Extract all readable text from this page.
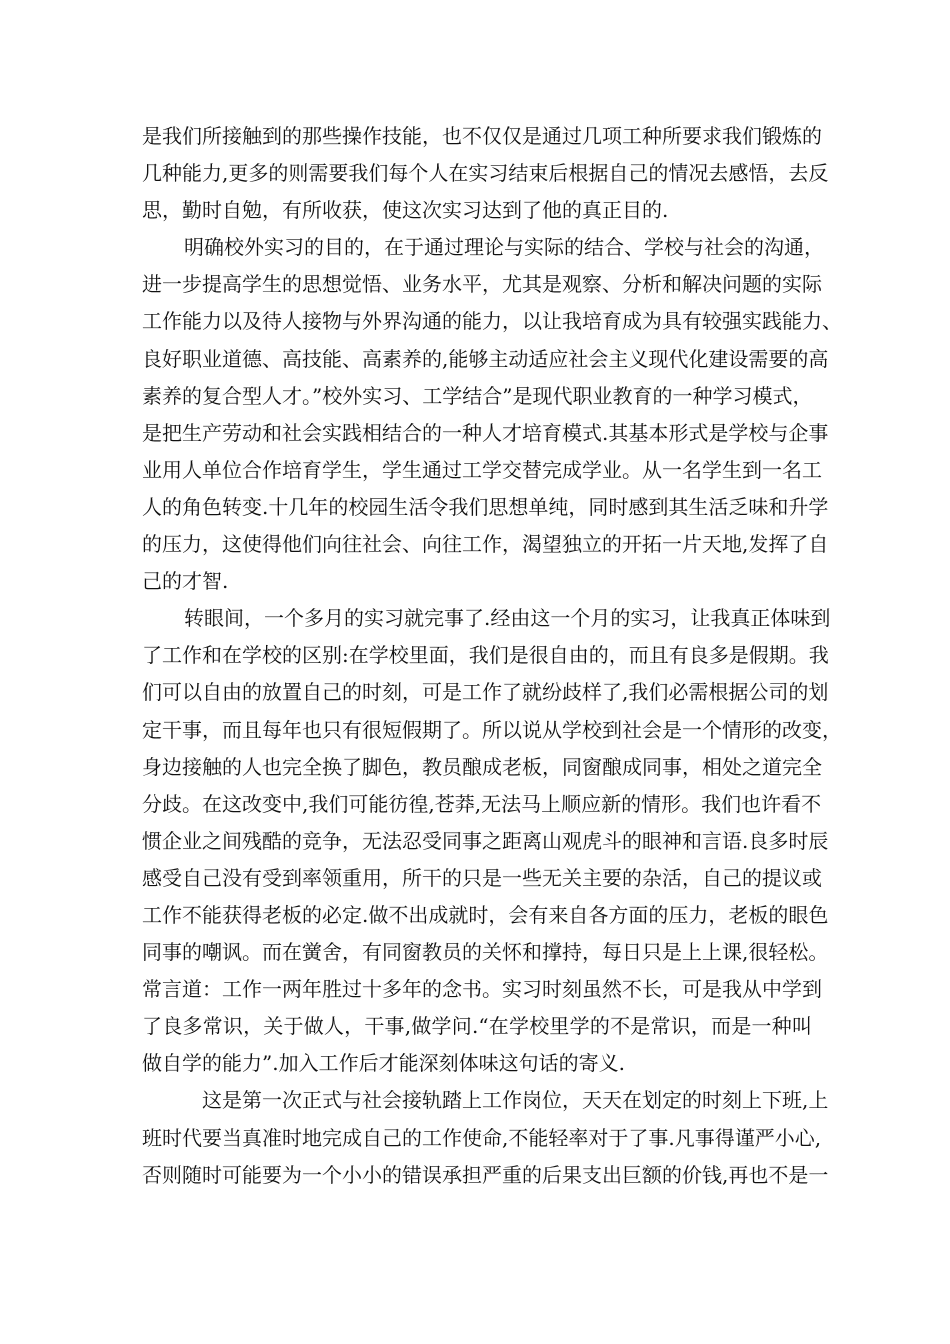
是我们所接触到的那些操作技能，也不仅仅是通过几项工种所要求我们锻炼的
几种能力,更多的则需要我们每个人在实习结束后根据自己的情况去感悟，去反
思，勤时自勉，有所收获，使这次实习达到了他的真正目的.
明确校外实习的目的，在于通过理论与实际的结合、学校与社会的沟通，
进一步提高学生的思想觉悟、业务水平，尤其是观察、分析和解决问题的实际
工作能力以及待人接物与外界沟通的能力，以让我培育成为具有较强实践能力、
良好职业道德、高技能、高素养的,能够主动适应社会主义现代化建设需要的高
素养的复合型人才。”校外实习、工学结合”是现代职业教育的一种学习模式，
是把生产劳动和社会实践相结合的一种人才培育模式.其基本形式是学校与企事
业用人单位合作培育学生，学生通过工学交替完成学业。从一名学生到一名工
人的角色转变.十几年的校园生活令我们思想单纯，同时感到其生活乏味和升学
的压力，这使得他们向往社会、向往工作，渴望独立的开拓一片天地,发挥了自
己的才智.
转眼间，一个多月的实习就完事了.经由这一个月的实习，让我真正体味到
了工作和在学校的区别:在学校里面，我们是很自由的，而且有良多是假期。我
们可以自由的放置自己的时刻，可是工作了就纷歧样了,我们必需根据公司的划
定干事，而且每年也只有很短假期了。所以说从学校到社会是一个情形的改变，
身边接触的人也完全换了脚色，教员酿成老板，同窗酿成同事，相处之道完全
分歧。在这改变中,我们可能彷徨,苍莽,无法马上顺应新的情形。我们也许看不
惯企业之间残酷的竞争，无法忍受同事之距离山观虎斗的眼神和言语.良多时辰
感受自己没有受到率领重用，所干的只是一些无关主要的杂活，自己的提议或
工作不能获得老板的必定.做不出成就时，会有来自各方面的压力，老板的眼色
同事的嘲讽。而在黉舍，有同窗教员的关怀和撑持，每日只是上上课,很轻松。
常言道：工作一两年胜过十多年的念书。实习时刻虽然不长，可是我从中学到
了良多常识，关于做人，干事,做学问.“在学校里学的不是常识，而是一种叫
做自学的能力”.加入工作后才能深刻体味这句话的寄义.
这是第一次正式与社会接轨踏上工作岗位，天天在划定的时刻上下班,上
班时代要当真准时地完成自己的工作使命,不能轻率对于了事.凡事得谨严小心,
否则随时可能要为一个小小的错误承担严重的后果支出巨额的价钱,再也不是一
